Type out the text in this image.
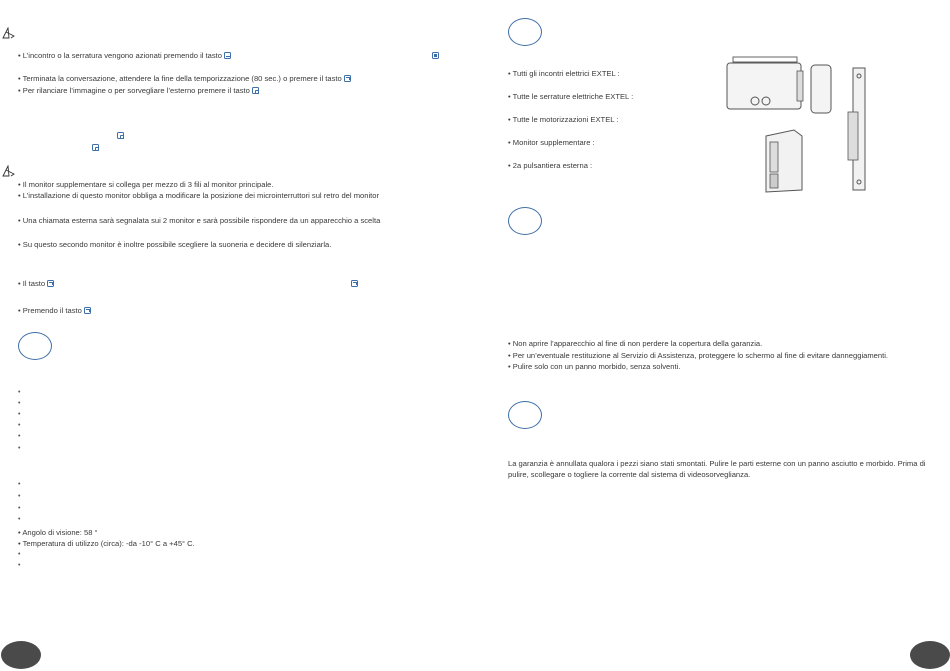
• L’incontro o la serratura vengono azionati premendo il tasto
• Terminata la conversazione, attendere la fine della temporizzazione (80 sec.) o premere il tasto
• Per rilanciare l’immagine o per sorvegliare l’esterno premere il tasto
• Il monitor supplementare si collega per mezzo di 3 fili al monitor principale.
• L’installazione di questo monitor obbliga a modificare la posizione dei microinterruttori sul retro del monitor
• Una chiamata esterna sarà segnalata sui 2 monitor e sarà possibile rispondere da un apparecchio a scelta
• Su questo secondo monitor è inoltre possibile scegliere la suoneria e decidere di silenziarla.
• Il tasto
• Premendo il tasto
•
•
•
•
•
•
•
•
•
•
• Angolo di visione: 58 °
• Temperatura di utilizzo (circa): -da -10° C a +45° C.
•
•
• Tutti gli incontri elettrici EXTEL :
• Tutte le serrature elettriche EXTEL :
• Tutte le motorizzazioni EXTEL :
• Monitor supplementare :
• 2a pulsantiera esterna :
• Non aprire l’apparecchio al fine di non perdere la copertura della garanzia.
• Per un’eventuale restituzione al Servizio di Assistenza, proteggere lo schermo al fine di evitare danneggiamenti.
• Pulire solo con un panno morbido, senza solventi.
La garanzia è annullata qualora i pezzi siano stati smontati. Pulire le parti esterne con un panno asciutto e morbido. Prima di pulire, scollegare o togliere la corrente dal sistema di videosorveglianza.
